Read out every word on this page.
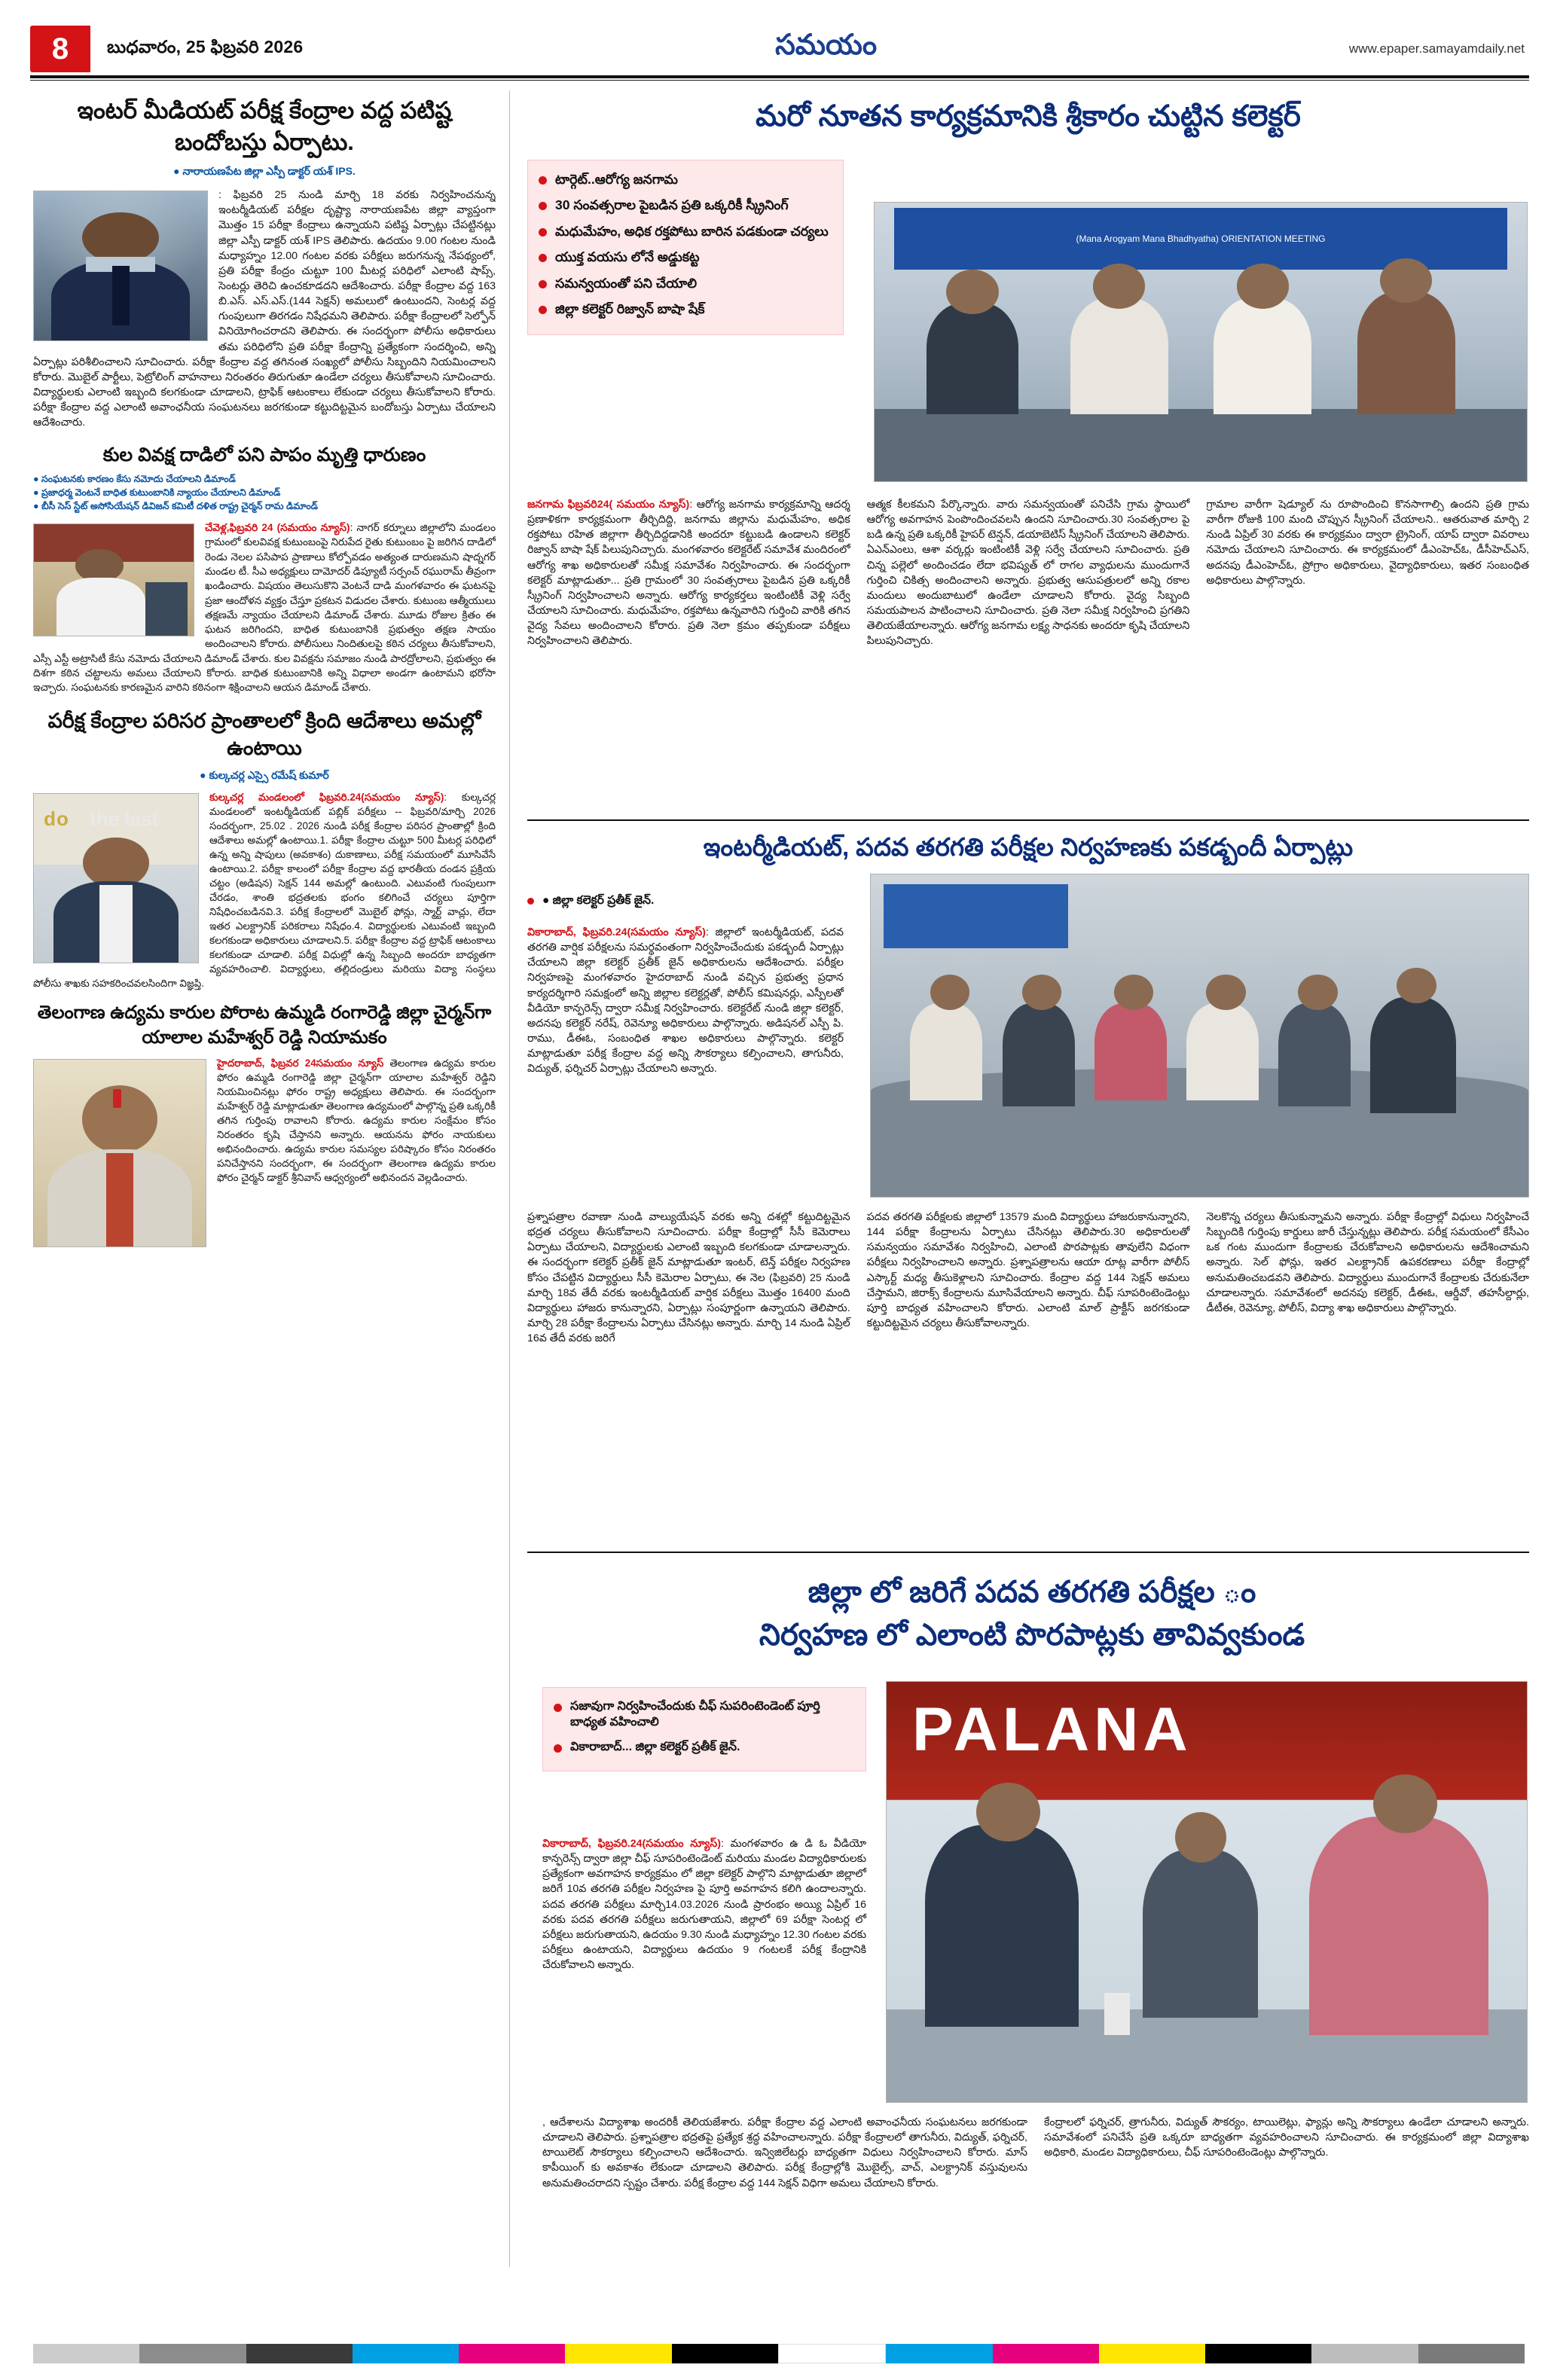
8	బుధవారం, 25 ఫిబ్రవరి 2026	సమయం	www.epaper.samayamdaily.net
ఇంటర్ మీడియట్ పరీక్ష కేంద్రాల వద్ద పటిష్ట బందోబస్తు ఏర్పాటు.
● నారాయణపేట జిల్లా ఎస్పీ డాక్టర్ యశ్ IPS.
: ఫిబ్రవరి 25 నుండి మార్చి 18 వరకు నిర్వహించనున్న ఇంటర్మీడియట్ పరీక్షల దృష్ట్యా నారాయణపేట జిల్లా వ్యాప్తంగా మొత్తం 15 పరీక్షా కేంద్రాలు ఉన్నాయని పటిష్ట ఏర్పాట్లు చేపట్టినట్లు జిల్లా ఎస్పీ డాక్టర్ యశ్ IPS తెలిపారు. ఉదయం 9.00 గంటల నుండి మధ్యాహ్నం 12.00 గంటల వరకు పరీక్షలు జరుగనున్న నేపథ్యంలో, ప్రతి పరీక్షా కేంద్రం చుట్టూ 100 మీటర్ల పరిధిలో ఎలాంటి షాప్స్, సెంటర్లు తెరిచి ఉంచకూడదని ఆదేశించారు. పరీక్షా కేంద్రాల వద్ద 163 బి.ఎస్. ఎస్.ఎస్.(144 సెక్షన్) అమలులో ఉంటుందని, సెంటర్ల వద్ద గుంపులుగా తిరగడం నిషేధమని తెలిపారు. పరీక్షా కేంద్రాలలో సెల్ఫోన్ వినియోగించరాదని తెలిపారు. ఈ సందర్భంగా పోలీసు అధికారులు తమ పరిధిలోని ప్రతి పరీక్షా కేంద్రాన్ని ప్రత్యేకంగా సందర్శించి, అన్ని ఏర్పాట్లు పరిశీలించాలని సూచించారు. పరీక్షా కేంద్రాల వద్ద తగినంత సంఖ్యలో పోలీసు సిబ్బందిని నియమించాలని కోరారు. మొబైల్ పార్టీలు, పెట్రోలింగ్ వాహనాలు నిరంతరం తిరుగుతూ ఉండేలా చర్యలు తీసుకోవాలని సూచించారు. విద్యార్థులకు ఎలాంటి ఇబ్బంది కలగకుండా చూడాలని, ట్రాఫిక్ ఆటంకాలు లేకుండా చర్యలు తీసుకోవాలని కోరారు. పరీక్షా కేంద్రాల వద్ద ఎలాంటి అవాంఛనీయ సంఘటనలు జరగకుండా కట్టుదిట్టమైన బందోబస్తు ఏర్పాటు చేయాలని ఆదేశించారు.
కుల వివక్ష దాడిలో పని పాపం మృత్తి ధారుణం
● సంఘటనకు కారణం కేసు నమోదు చేయాలని డిమాండ్
● ప్రజాధర్మ వెంటనే బాధిత కుటుంబానికి న్యాయం చేయాలని డిమాండ్
● బీసీ సెస్ స్టేట్ అసోసియేషన్ డివిజన్ కమిటీ దళిత రాష్ట్ర చైర్మన్ రామ డిమాండ్
చేవెళ్ల,ఫిబ్రవరి 24 (సమయం న్యూస్): నాగర్ కర్నూలు జిల్లాలోని మండలం గ్రామంలో కులవివక్ష కుటుంబంపై నిరుపేద రైతు కుటుంబం పై జరిగిన దాడిలో రెండు నెలల పసిపాప ప్రాణాలు కోల్పోవడం అత్యంత దారుణమని షాద్నగర్ మండల టీ. సీఎ అధ్యక్షులు దామోదర్ డిప్యూటీ సర్పంచ్ రఘురామ్ తీవ్రంగా ఖండించారు. విషయం తెలుసుకొని వెంటనే దాడి మంగళవారం ఈ ఘటనపై ప్రజా ఆందోళన వ్యక్తం చేస్తూ ప్రకటన విడుదల చేశారు. కుటుంబ ఆత్మీయులు తక్షణమే న్యాయం చేయాలని డిమాండ్ చేశారు. మూడు రోజుల క్రితం ఈ ఘటన జరిగిందని, బాధిత కుటుంబానికి ప్రభుత్వం తక్షణ సాయం అందించాలని కోరారు. పోలీసులు నిందితులపై కఠిన చర్యలు తీసుకోవాలని, ఎస్సీ ఎస్టీ అట్రాసిటీ కేసు నమోదు చేయాలని డిమాండ్ చేశారు. కుల వివక్షను సమాజం నుండి పారద్రోలాలని, ప్రభుత్వం ఈ దిశగా కఠిన చట్టాలను అమలు చేయాలని కోరారు. బాధిత కుటుంబానికి అన్ని విధాలా అండగా ఉంటామని భరోసా ఇచ్చారు. సంఘటనకు కారణమైన వారిని కఠినంగా శిక్షించాలని ఆయన డిమాండ్ చేశారు.
పరీక్ష కేంద్రాల పరిసర ప్రాంతాలలో క్రింది ఆదేశాలు అమల్లో ఉంటాయి
● కుల్కచర్ల ఎస్సై రమేష్ కుమార్
do the last
కుల్కచర్ల మండలంలో ఫిబ్రవరి.24(సమయం న్యూస్): కుల్కచర్ల మండలంలో ఇంటర్మీడియట్ పబ్లిక్ పరీక్షలు -- ఫిబ్రవరి/మార్చి 2026 సందర్భంగా, 25.02 . 2026 నుండి పరీక్ష కేంద్రాల పరిసర ప్రాంతాల్లో క్రింది ఆదేశాలు అమల్లో ఉంటాయి.1. పరీక్షా కేంద్రాల చుట్టూ 500 మీటర్ల పరిధిలో ఉన్న అన్ని షాపులు (అవకాశం) దుకాణాలు, పరీక్ష సమయంలో మూసివేసే ఉంటాయి.2. పరీక్షా కాలంలో పరీక్షా కేంద్రాల వద్ద భారతీయ దండన ప్రక్రియ చట్టం (అడిషన) సెక్షన్ 144 అమల్లో ఉంటుంది. ఎటువంటి గుంపులుగా చేరడం, శాంతి భద్రతలకు భంగం కలిగించే చర్యలు పూర్తిగా నిషేధించబడినవి.3. పరీక్ష కేంద్రాలలో మొబైల్ ఫోన్లు, స్మార్ట్ వాచ్లు, లేదా ఇతర ఎలక్ట్రానిక్ పరికరాలు నిషేధం.4. విద్యార్థులకు ఎటువంటి ఇబ్బంది కలగకుండా అధికారులు చూడాలని.5. పరీక్షా కేంద్రాల వద్ద ట్రాఫిక్ ఆటంకాలు కలగకుండా చూడాలి. పరీక్ష విధుల్లో ఉన్న సిబ్బంది అందరూ బాధ్యతగా వ్యవహరించాలి. విద్యార్థులు, తల్లిదండ్రులు మరియు విద్యా సంస్థలు పోలీసు శాఖకు సహకరించవలసిందిగా విజ్ఞప్తి.
తెలంగాణ ఉద్యమ కారుల పోరాట ఉమ్మడి రంగారెడ్డి జిల్లా చైర్మన్‌గా యాలాల మహేశ్వర్ రెడ్డి నియామకం
హైదరాబాద్, ఫిబ్రవర 24సమయం న్యూస్ తెలంగాణ ఉద్యమ కారుల ఫోరం ఉమ్మడి రంగారెడ్డి జిల్లా చైర్మన్‌గా యాలాల మహేశ్వర్ రెడ్డిని నియమించినట్లు ఫోరం రాష్ట్ర అధ్యక్షులు తెలిపారు. ఈ సందర్భంగా మహేశ్వర్ రెడ్డి మాట్లాడుతూ తెలంగాణ ఉద్యమంలో పాల్గొన్న ప్రతి ఒక్కరికీ తగిన గుర్తింపు రావాలని కోరారు. ఉద్యమ కారుల సంక్షేమం కోసం నిరంతరం కృషి చేస్తానని అన్నారు. ఆయనను ఫోరం నాయకులు అభినందించారు. ఉద్యమ కారుల సమస్యల పరిష్కారం కోసం నిరంతరం పనిచేస్తానని సందర్భంగా, ఈ సందర్భంగా తెలంగాణ ఉద్యమ కారుల ఫోరం చైర్మన్ డాక్టర్ శ్రీనివాస్ ఆధ్వర్యంలో అభినందన వెల్లడించారు.
మరో నూతన కార్యక్రమానికి శ్రీకారం చుట్టిన కలెక్టర్
టార్గెట్..ఆరోగ్య జనగామ
30 సంవత్సరాల పైబడిన ప్రతి ఒక్కరికీ స్క్రీనింగ్
మధుమేహం, అధిక రక్తపోటు బారిన పడకుండా చర్యలు
యుక్త వయసు లోనే అడ్డుకట్ట
సమన్వయంతో పని చేయాలి
జిల్లా కలెక్టర్ రిజ్వాన్ బాషా షేక్
(Mana Arogyam Mana Bhadhyatha) ORIENTATION MEETING
జనగామ ఫిబ్రవరి24( సమయం న్యూస్): ఆరోగ్య జనగామ కార్యక్రమాన్ని ఆదర్శ ప్రణాళికగా కార్యక్రమంగా తీర్చిదిద్ది, జనగామ జిల్లాను మధుమేహం, అధిక రక్తపోటు రహిత జిల్లాగా తీర్చిదిద్దడానికి అందరూ కట్టుబడి ఉండాలని కలెక్టర్ రిజ్వాన్ బాషా షేక్ పిలుపునిచ్చారు. మంగళవారం కలెక్టరేట్ సమావేశ మందిరంలో ఆరోగ్య శాఖ అధికారులతో సమీక్ష సమావేశం నిర్వహించారు. ఈ సందర్భంగా కలెక్టర్ మాట్లాడుతూ... ప్రతి గ్రామంలో 30 సంవత్సరాలు పైబడిన ప్రతి ఒక్కరికీ స్క్రీనింగ్ నిర్వహించాలని అన్నారు. ఆరోగ్య కార్యకర్తలు ఇంటింటికీ వెళ్లి సర్వే చేయాలని సూచించారు. మధుమేహం, రక్తపోటు ఉన్నవారిని గుర్తించి వారికి తగిన వైద్య సేవలు అందించాలని కోరారు. ప్రతి నెలా క్రమం తప్పకుండా పరీక్షలు నిర్వహించాలని తెలిపారు.
ఆత్మక కీలకమని పేర్కొన్నారు. వారు సమన్వయంతో పనిచేసి గ్రామ స్థాయిలో ఆరోగ్య అవగాహన పెంపొందించవలసి ఉందని సూచించారు.30 సంవత్సరాల పై బడి ఉన్న ప్రతి ఒక్కరికీ హైపర్ టెన్షన్, డయాబెటిస్ స్క్రీనింగ్ చేయాలని తెలిపారు. ఏఎన్ఎంలు, ఆశా వర్కర్లు ఇంటింటికీ వెళ్లి సర్వే చేయాలని సూచించారు. ప్రతి చిన్న పల్లెలో అందించడం లేదా భవిష్యత్ లో రాగల వ్యాధులను ముందుగానే గుర్తించి చికిత్స అందించాలని అన్నారు. ప్రభుత్వ ఆసుపత్రులలో అన్ని రకాల మందులు అందుబాటులో ఉండేలా చూడాలని కోరారు. వైద్య సిబ్బంది సమయపాలన పాటించాలని సూచించారు. ప్రతి నెలా సమీక్ష నిర్వహించి ప్రగతిని తెలియజేయాలన్నారు. ఆరోగ్య జనగామ లక్ష్య సాధనకు అందరూ కృషి చేయాలని పిలుపునిచ్చారు.
గ్రామాల వారీగా షెడ్యూల్ ను రూపొందించి కొనసాగాల్సి ఉందని ప్రతి గ్రామ వారీగా రోజుకి 100 మంది చొప్పున స్క్రీనింగ్ చేయాలని.. ఆతరువాత మార్చి 2 నుండి ఏప్రిల్ 30 వరకు ఈ కార్యక్రమం ద్వారా ట్రైనింగ్, యాప్ ద్వారా వివరాలు నమోదు చేయాలని సూచించారు. ఈ కార్యక్రమంలో డీఎంహెచ్ఓ, డీసీహెచ్ఎస్, అదనపు డీఎంహెచ్ఓ, ప్రోగ్రాం అధికారులు, వైద్యాధికారులు, ఇతర సంబంధిత అధికారులు పాల్గొన్నారు.
ఇంటర్మీడియట్, పదవ తరగతి పరీక్షల నిర్వహణకు పకడ్బందీ ఏర్పాట్లు
● జిల్లా కలెక్టర్ ప్రతీక్ జైన్.
వికారాబాద్, ఫిబ్రవరి.24(సమయం న్యూస్): జిల్లాలో ఇంటర్మీడియట్, పదవ తరగతి వార్షిక పరీక్షలను సమర్థవంతంగా నిర్వహించేందుకు పకడ్బందీ ఏర్పాట్లు చేయాలని జిల్లా కలెక్టర్ ప్రతీక్ జైన్ అధికారులను ఆదేశించారు. పరీక్షల నిర్వహణపై మంగళవారం హైదరాబాద్ నుండి వచ్చిన ప్రభుత్వ ప్రధాన కార్యదర్శిగారి సమక్షంలో అన్ని జిల్లాల కలెక్టర్లతో, పోలీస్ కమిషనర్లు, ఎస్పీలతో వీడియో కాన్ఫరెన్స్ ద్వారా సమీక్ష నిర్వహించారు. కలెక్టరేట్ నుండి జిల్లా కలెక్టర్, అదనపు కలెక్టర్ నరేష్, రెవెన్యూ అధికారులు పాల్గొన్నారు. అడిషనల్ ఎస్పీ పి. రాము, డీఈఓ, సంబంధిత శాఖల అధికారులు పాల్గొన్నారు. కలెక్టర్ మాట్లాడుతూ పరీక్ష కేంద్రాల వద్ద అన్ని సౌకర్యాలు కల్పించాలని, తాగునీరు, విద్యుత్, ఫర్నిచర్ ఏర్పాట్లు చేయాలని అన్నారు.
ప్రశ్నాపత్రాల రవాణా నుండి వాల్యుయేషన్ వరకు అన్ని దశల్లో కట్టుదిట్టమైన భద్రత చర్యలు తీసుకోవాలని సూచించారు. పరీక్షా కేంద్రాల్లో సీసీ కెమెరాలు ఏర్పాటు చేయాలని, విద్యార్థులకు ఎలాంటి ఇబ్బంది కలగకుండా చూడాలన్నారు. ఈ సందర్భంగా కలెక్టర్ ప్రతీక్ జైన్ మాట్లాడుతూ ఇంటర్, టెన్త్ పరీక్షల నిర్వహణ కోసం చేపట్టిన విద్యార్థులు సీసీ కెమెరాల ఏర్పాటు, ఈ నెల (ఫిబ్రవరి) 25 నుండి మార్చి 18వ తేదీ వరకు ఇంటర్మీడియట్ వార్షిక పరీక్షలు మొత్తం 16400 మంది విద్యార్థులు హాజరు కానున్నారని, ఏర్పాట్లు సంపూర్ణంగా ఉన్నాయని తెలిపారు. మార్చి 28 పరీక్షా కేంద్రాలను ఏర్పాటు చేసినట్లు అన్నారు. మార్చి 14 నుండి ఏప్రిల్ 16వ తేదీ వరకు జరిగే
పదవ తరగతి పరీక్షలకు జిల్లాలో 13579 మంది విద్యార్థులు హాజరుకానున్నారని, 144 పరీక్షా కేంద్రాలను ఏర్పాటు చేసినట్లు తెలిపారు.30 అధికారులతో సమన్వయం సమావేశం నిర్వహించి, ఎలాంటి పొరపాట్లకు తావులేని విధంగా పరీక్షలు నిర్వహించాలని అన్నారు. ప్రశ్నాపత్రాలను ఆయా రూట్ల వారీగా పోలీస్ ఎస్కార్ట్ మధ్య తీసుకెళ్లాలని సూచించారు. కేంద్రాల వద్ద 144 సెక్షన్ అమలు చేస్తామని, జిరాక్స్ కేంద్రాలను మూసివేయాలని అన్నారు. చీఫ్ సూపరింటెండెంట్లు పూర్తి బాధ్యత వహించాలని కోరారు. ఎలాంటి మాల్ ప్రాక్టీస్ జరగకుండా కట్టుదిట్టమైన చర్యలు తీసుకోవాలన్నారు.
నెలకొన్న చర్యలు తీసుకున్నామని అన్నారు. పరీక్షా కేంద్రాల్లో విధులు నిర్వహించే సిబ్బందికి గుర్తింపు కార్డులు జారీ చేస్తున్నట్లు తెలిపారు. పరీక్ష సమయంలో కేసీఎం ఒక గంట ముందుగా కేంద్రాలకు చేరుకోవాలని అధికారులను ఆదేశించామని అన్నారు. సెల్ ఫోన్లు, ఇతర ఎలక్ట్రానిక్ ఉపకరణాలు పరీక్షా కేంద్రాల్లో అనుమతించబడవని తెలిపారు. విద్యార్థులు ముందుగానే కేంద్రాలకు చేరుకునేలా చూడాలన్నారు. సమావేశంలో అదనపు కలెక్టర్, డీఈఓ, ఆర్డీవో, తహసీల్దార్లు, డీటీఈ, రెవెన్యూ, పోలీస్, విద్యా శాఖ అధికారులు పాల్గొన్నారు.
జిల్లా లో జరిగే పదవ తరగతి పరీక్షల ం
నిర్వహణ లో ఎలాంటి పొరపాట్లకు తావివ్వకుండ
సజావుగా నిర్వహించేందుకు చీఫ్ సుపరింటెండెంట్ పూర్తి బాధ్యత వహించాలి
వికారాబాద్... జిల్లా కలెక్టర్ ప్రతీక్ జైన్.	PALANA
వికారాబాద్, ఫిబ్రవరి.24(సమయం న్యూస్): మంగళవారం ఉ డి ఓ వీడియో కాన్ఫరెన్స్ ద్వారా జిల్లా చీఫ్ సూపరింటెండెంట్ మరియు మండల విద్యాధికారులకు ప్రత్యేకంగా అవగాహన కార్యక్రమం లో జిల్లా కలెక్టర్ పాల్గొని మాట్లాడుతూ జిల్లాలో జరిగే 10వ తరగతి పరీక్షల నిర్వహణ పై పూర్తి అవగాహన కలిగి ఉందాలన్నారు. పదవ తరగతి పరీక్షలు మార్చి14.03.2026 నుండి ప్రారంభం అయ్యి ఏప్రిల్ 16 వరకు పదవ తరగతి పరీక్షలు జరుగుతాయని, జిల్లాలో 69 పరీక్షా సెంటర్ల లో పరీక్షలు జరుగుతాయని, ఉదయం 9.30 నుండి మధ్యాహ్నం 12.30 గంటల వరకు పరీక్షలు ఉంటాయని, విద్యార్థులు ఉదయం 9 గంటలకే పరీక్ష కేంద్రానికి చేరుకోవాలని అన్నారు.
, ఆదేశాలను విద్యాశాఖ అందరికీ తెలియజేశారు. పరీక్షా కేంద్రాల వద్ద ఎలాంటి అవాంఛనీయ సంఘటనలు జరగకుండా చూడాలని తెలిపారు. ప్రశ్నాపత్రాల భద్రతపై ప్రత్యేక శ్రద్ధ వహించాలన్నారు. పరీక్షా కేంద్రాలలో తాగునీరు, విద్యుత్, ఫర్నిచర్, టాయిలెట్ సౌకర్యాలు కల్పించాలని ఆదేశించారు. ఇన్విజిలేటర్లు బాధ్యతగా విధులు నిర్వహించాలని కోరారు. మాస్ కాపీయింగ్ కు అవకాశం లేకుండా చూడాలని తెలిపారు. పరీక్ష కేంద్రాల్లోకి మొబైల్స్, వాచ్, ఎలక్ట్రానిక్ వస్తువులను అనుమతించరాదని స్పష్టం చేశారు. పరీక్ష కేంద్రాల వద్ద 144 సెక్షన్ విధిగా అమలు చేయాలని కోరారు.
కేంద్రాలలో ఫర్నిచర్, త్రాగునీరు, విద్యుత్ సౌకర్యం, టాయిలెట్లు, ఫ్యాన్లు అన్ని సౌకర్యాలు ఉండేలా చూడాలని అన్నారు. సమావేశంలో పనిచేసే ప్రతి ఒక్కరూ బాధ్యతగా వ్యవహరించాలని సూచించారు. ఈ కార్యక్రమంలో జిల్లా విద్యాశాఖ అధికారి, మండల విద్యాధికారులు, చీఫ్ సూపరింటెండెంట్లు పాల్గొన్నారు.
